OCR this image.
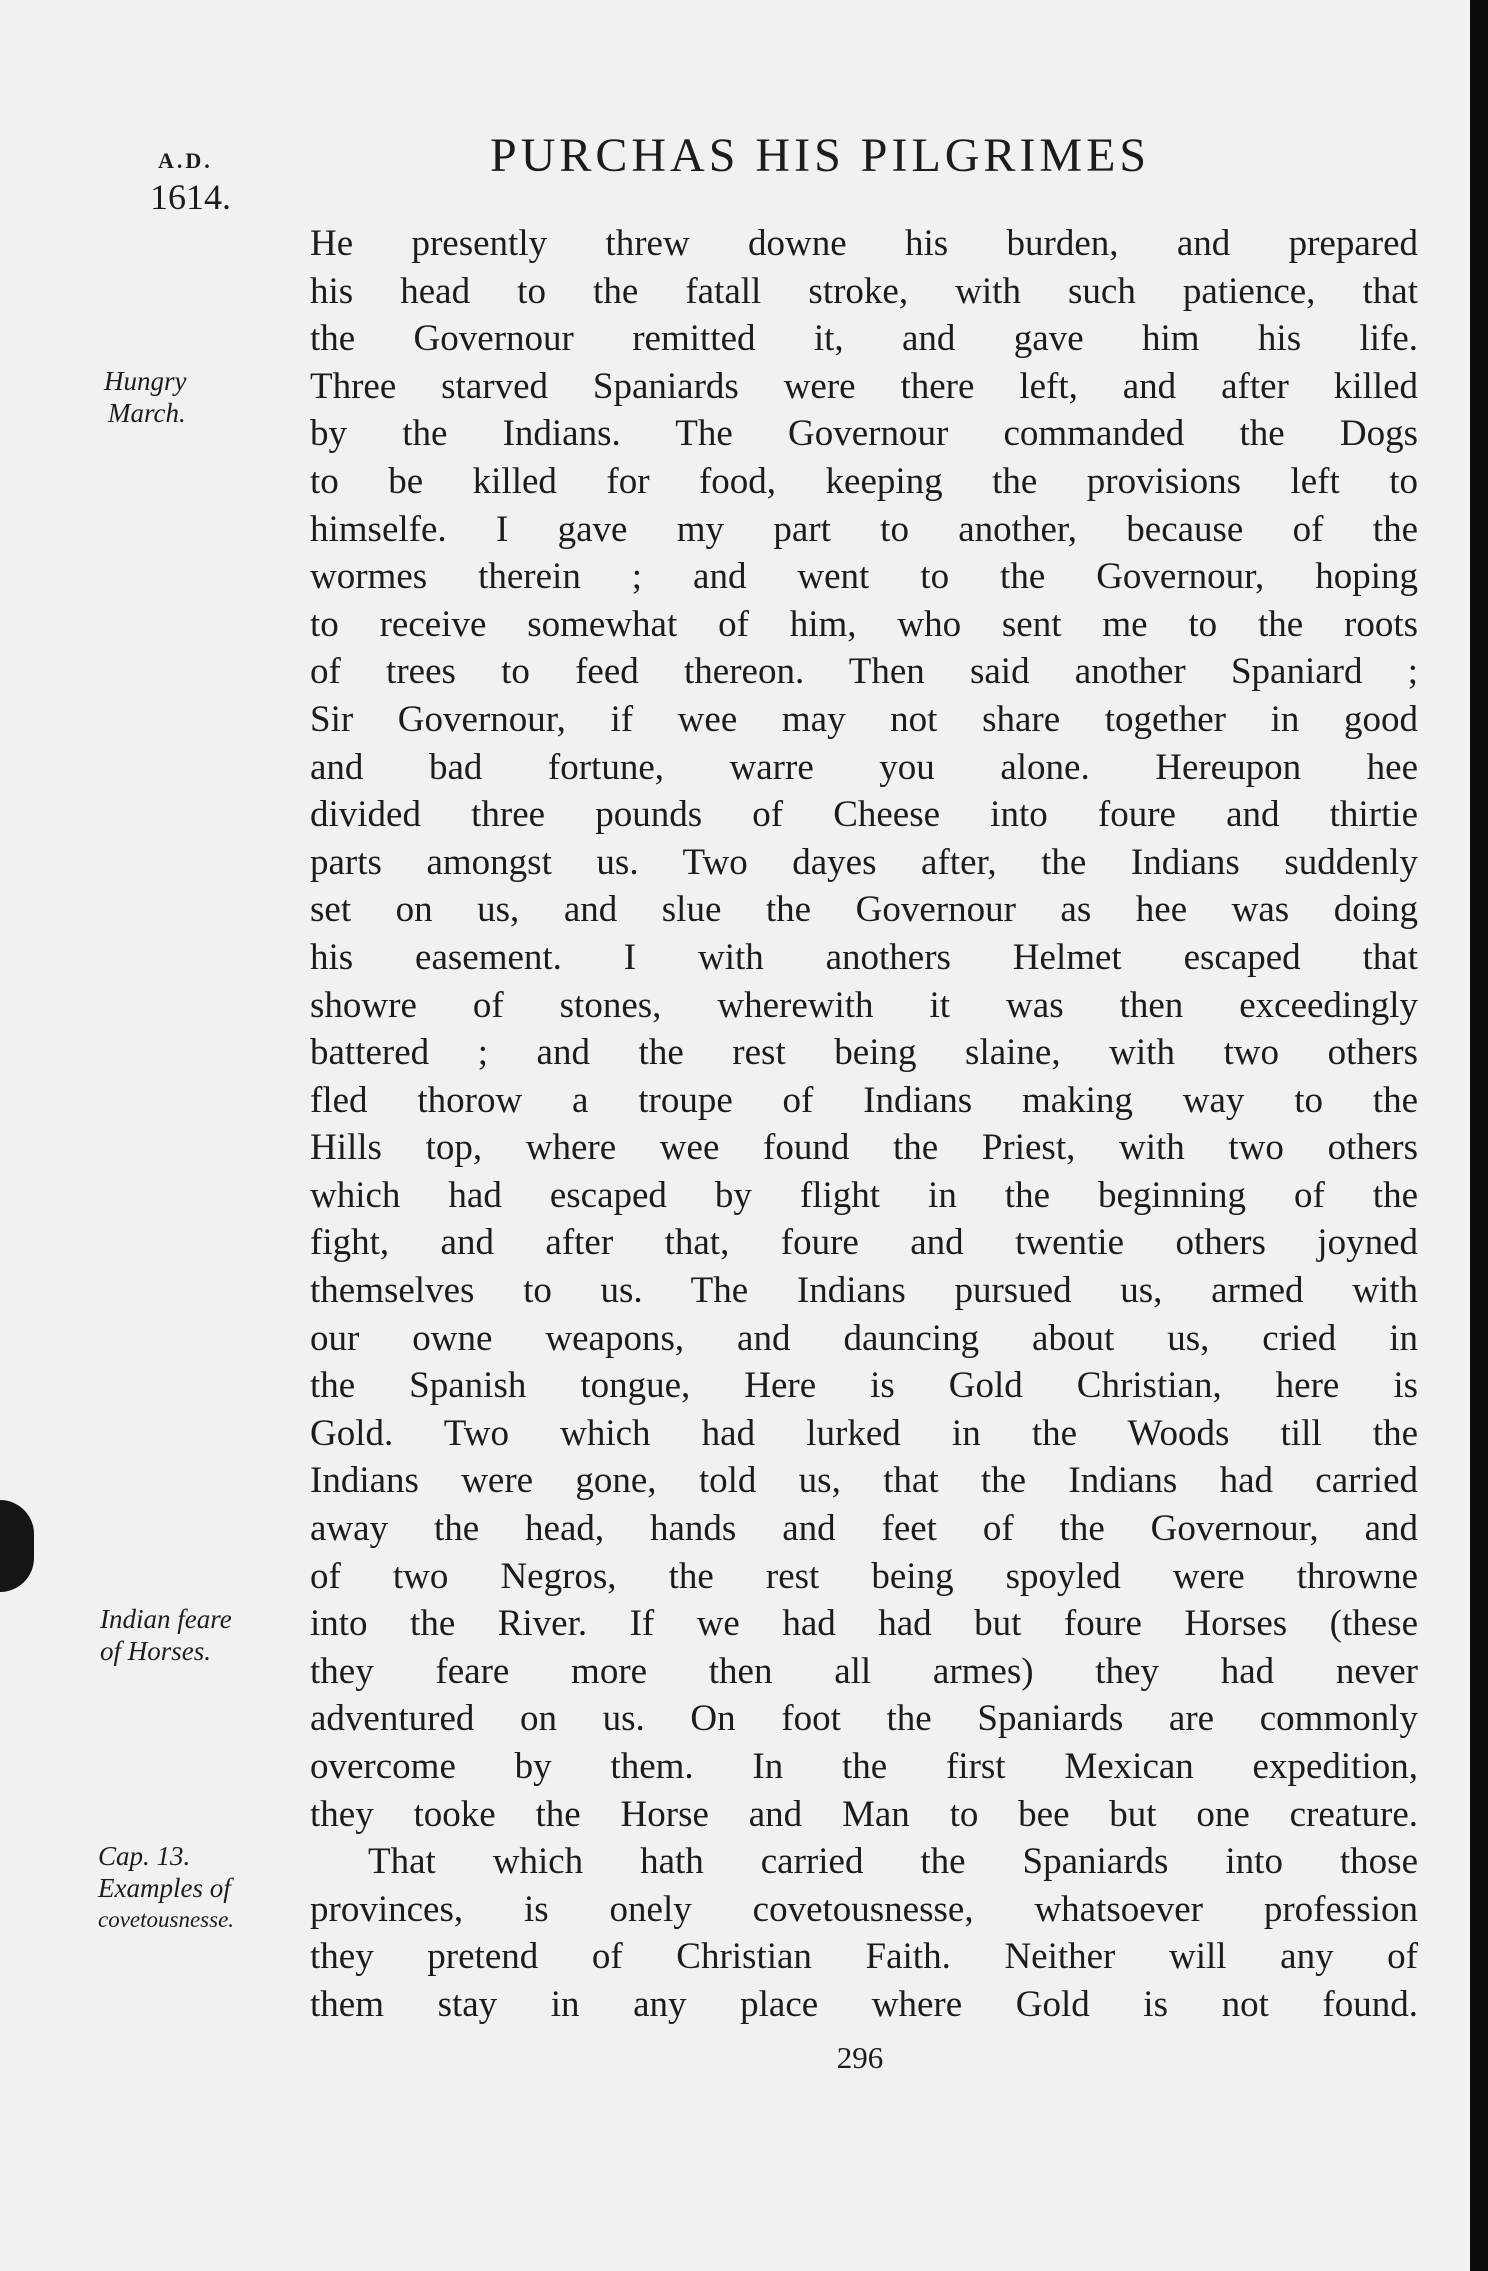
A.D.
1614.
PURCHAS HIS PILGRIMES
Hungry
March.
Indian feare
of Horses.
Cap. 13.
Examples of
covetousnesse.
He presently threw downe his burden, and prepared
his head to the fatall stroke, with such patience, that
the Governour remitted it, and gave him his life.
Three starved Spaniards were there left, and after killed
by the Indians. The Governour commanded the Dogs
to be killed for food, keeping the provisions left to
himselfe. I gave my part to another, because of the
wormes therein ; and went to the Governour, hoping
to receive somewhat of him, who sent me to the roots
of trees to feed thereon. Then said another Spaniard ;
Sir Governour, if wee may not share together in good
and bad fortune, warre you alone. Hereupon hee
divided three pounds of Cheese into foure and thirtie
parts amongst us. Two dayes after, the Indians suddenly
set on us, and slue the Governour as hee was doing
his easement. I with anothers Helmet escaped that
showre of stones, wherewith it was then exceedingly
battered ; and the rest being slaine, with two others
fled thorow a troupe of Indians making way to the
Hills top, where wee found the Priest, with two others
which had escaped by flight in the beginning of the
fight, and after that, foure and twentie others joyned
themselves to us. The Indians pursued us, armed with
our owne weapons, and dauncing about us, cried in
the Spanish tongue, Here is Gold Christian, here is
Gold. Two which had lurked in the Woods till the
Indians were gone, told us, that the Indians had carried
away the head, hands and feet of the Governour, and
of two Negros, the rest being spoyled were throwne
into the River. If we had had but foure Horses (these
they feare more then all armes) they had never
adventured on us. On foot the Spaniards are commonly
overcome by them. In the first Mexican expedition,
they tooke the Horse and Man to bee but one creature.
That which hath carried the Spaniards into those
provinces, is onely covetousnesse, whatsoever profession
they pretend of Christian Faith. Neither will any of
them stay in any place where Gold is not found.
296
